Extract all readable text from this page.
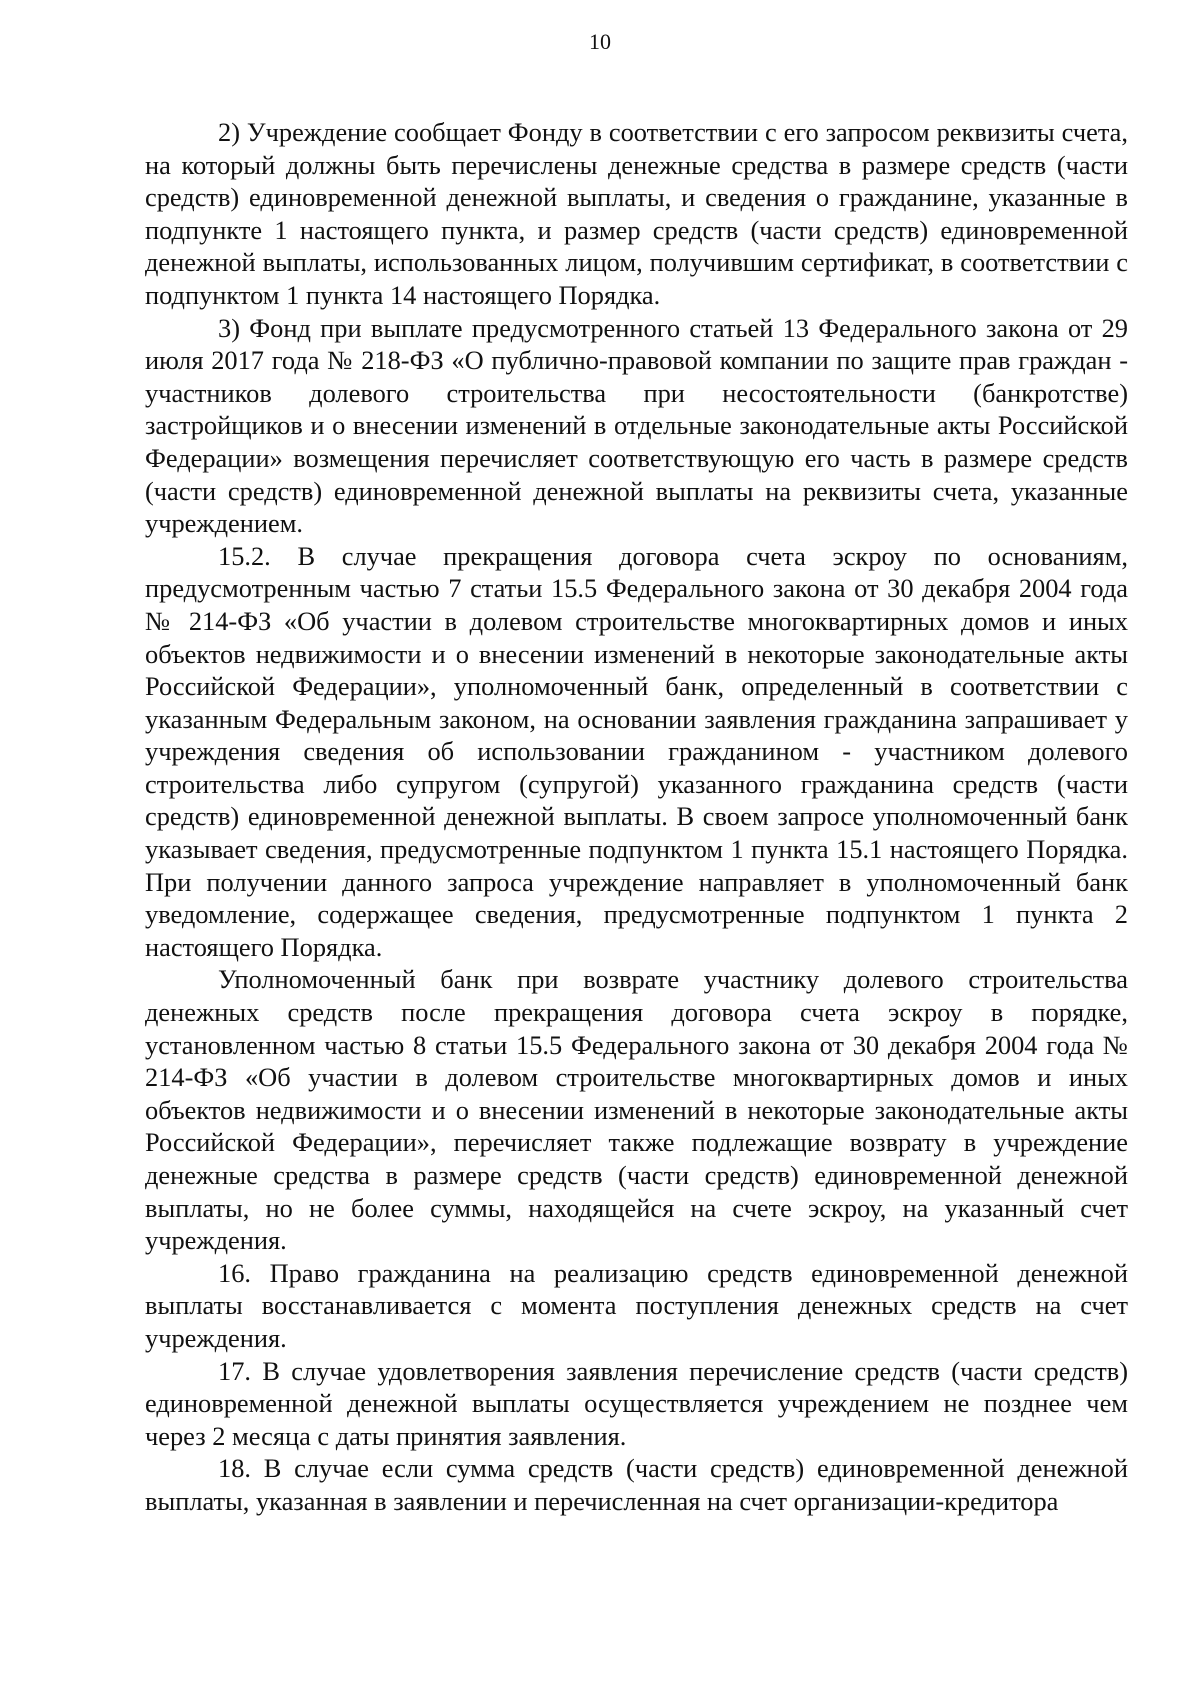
10

2) Учреждение сообщает Фонду в соответствии с его запросом реквизиты счета, на который должны быть перечислены денежные средства в размере средств (части средств) единовременной денежной выплаты, и сведения о гражданине, указанные в подпункте 1 настоящего пункта, и размер средств (части средств) единовременной денежной выплаты, использованных лицом, получившим сертификат, в соответствии с подпунктом 1 пункта 14 настоящего Порядка.

3) Фонд при выплате предусмотренного статьей 13 Федерального закона от 29 июля 2017 года № 218-ФЗ «О публично-правовой компании по защите прав граждан - участников долевого строительства при несостоятельности (банкротстве) застройщиков и о внесении изменений в отдельные законодательные акты Российской Федерации» возмещения перечисляет соответствующую его часть в размере средств (части средств) единовременной денежной выплаты на реквизиты счета, указанные учреждением.

15.2. В случае прекращения договора счета эскроу по основаниям, предусмотренным частью 7 статьи 15.5 Федерального закона от 30 декабря 2004 года № 214-ФЗ «Об участии в долевом строительстве многоквартирных домов и иных объектов недвижимости и о внесении изменений в некоторые законодательные акты Российской Федерации», уполномоченный банк, определенный в соответствии с указанным Федеральным законом, на основании заявления гражданина запрашивает у учреждения сведения об использовании гражданином - участником долевого строительства либо супругом (супругой) указанного гражданина средств (части средств) единовременной денежной выплаты. В своем запросе уполномоченный банк указывает сведения, предусмотренные подпунктом 1 пункта 15.1 настоящего Порядка. При получении данного запроса учреждение направляет в уполномоченный банк уведомление, содержащее сведения, предусмотренные подпунктом 1 пункта 2 настоящего Порядка.

Уполномоченный банк при возврате участнику долевого строительства денежных средств после прекращения договора счета эскроу в порядке, установленном частью 8 статьи 15.5 Федерального закона от 30 декабря 2004 года № 214-ФЗ «Об участии в долевом строительстве многоквартирных домов и иных объектов недвижимости и о внесении изменений в некоторые законодательные акты Российской Федерации», перечисляет также подлежащие возврату в учреждение денежные средства в размере средств (части средств) единовременной денежной выплаты, но не более суммы, находящейся на счете эскроу, на указанный счет учреждения.

16. Право гражданина на реализацию средств единовременной денежной выплаты восстанавливается с момента поступления денежных средств на счет учреждения.

17. В случае удовлетворения заявления перечисление средств (части средств) единовременной денежной выплаты осуществляется учреждением не позднее чем через 2 месяца с даты принятия заявления.

18. В случае если сумма средств (части средств) единовременной денежной выплаты, указанная в заявлении и перечисленная на счет организации-кредитора
